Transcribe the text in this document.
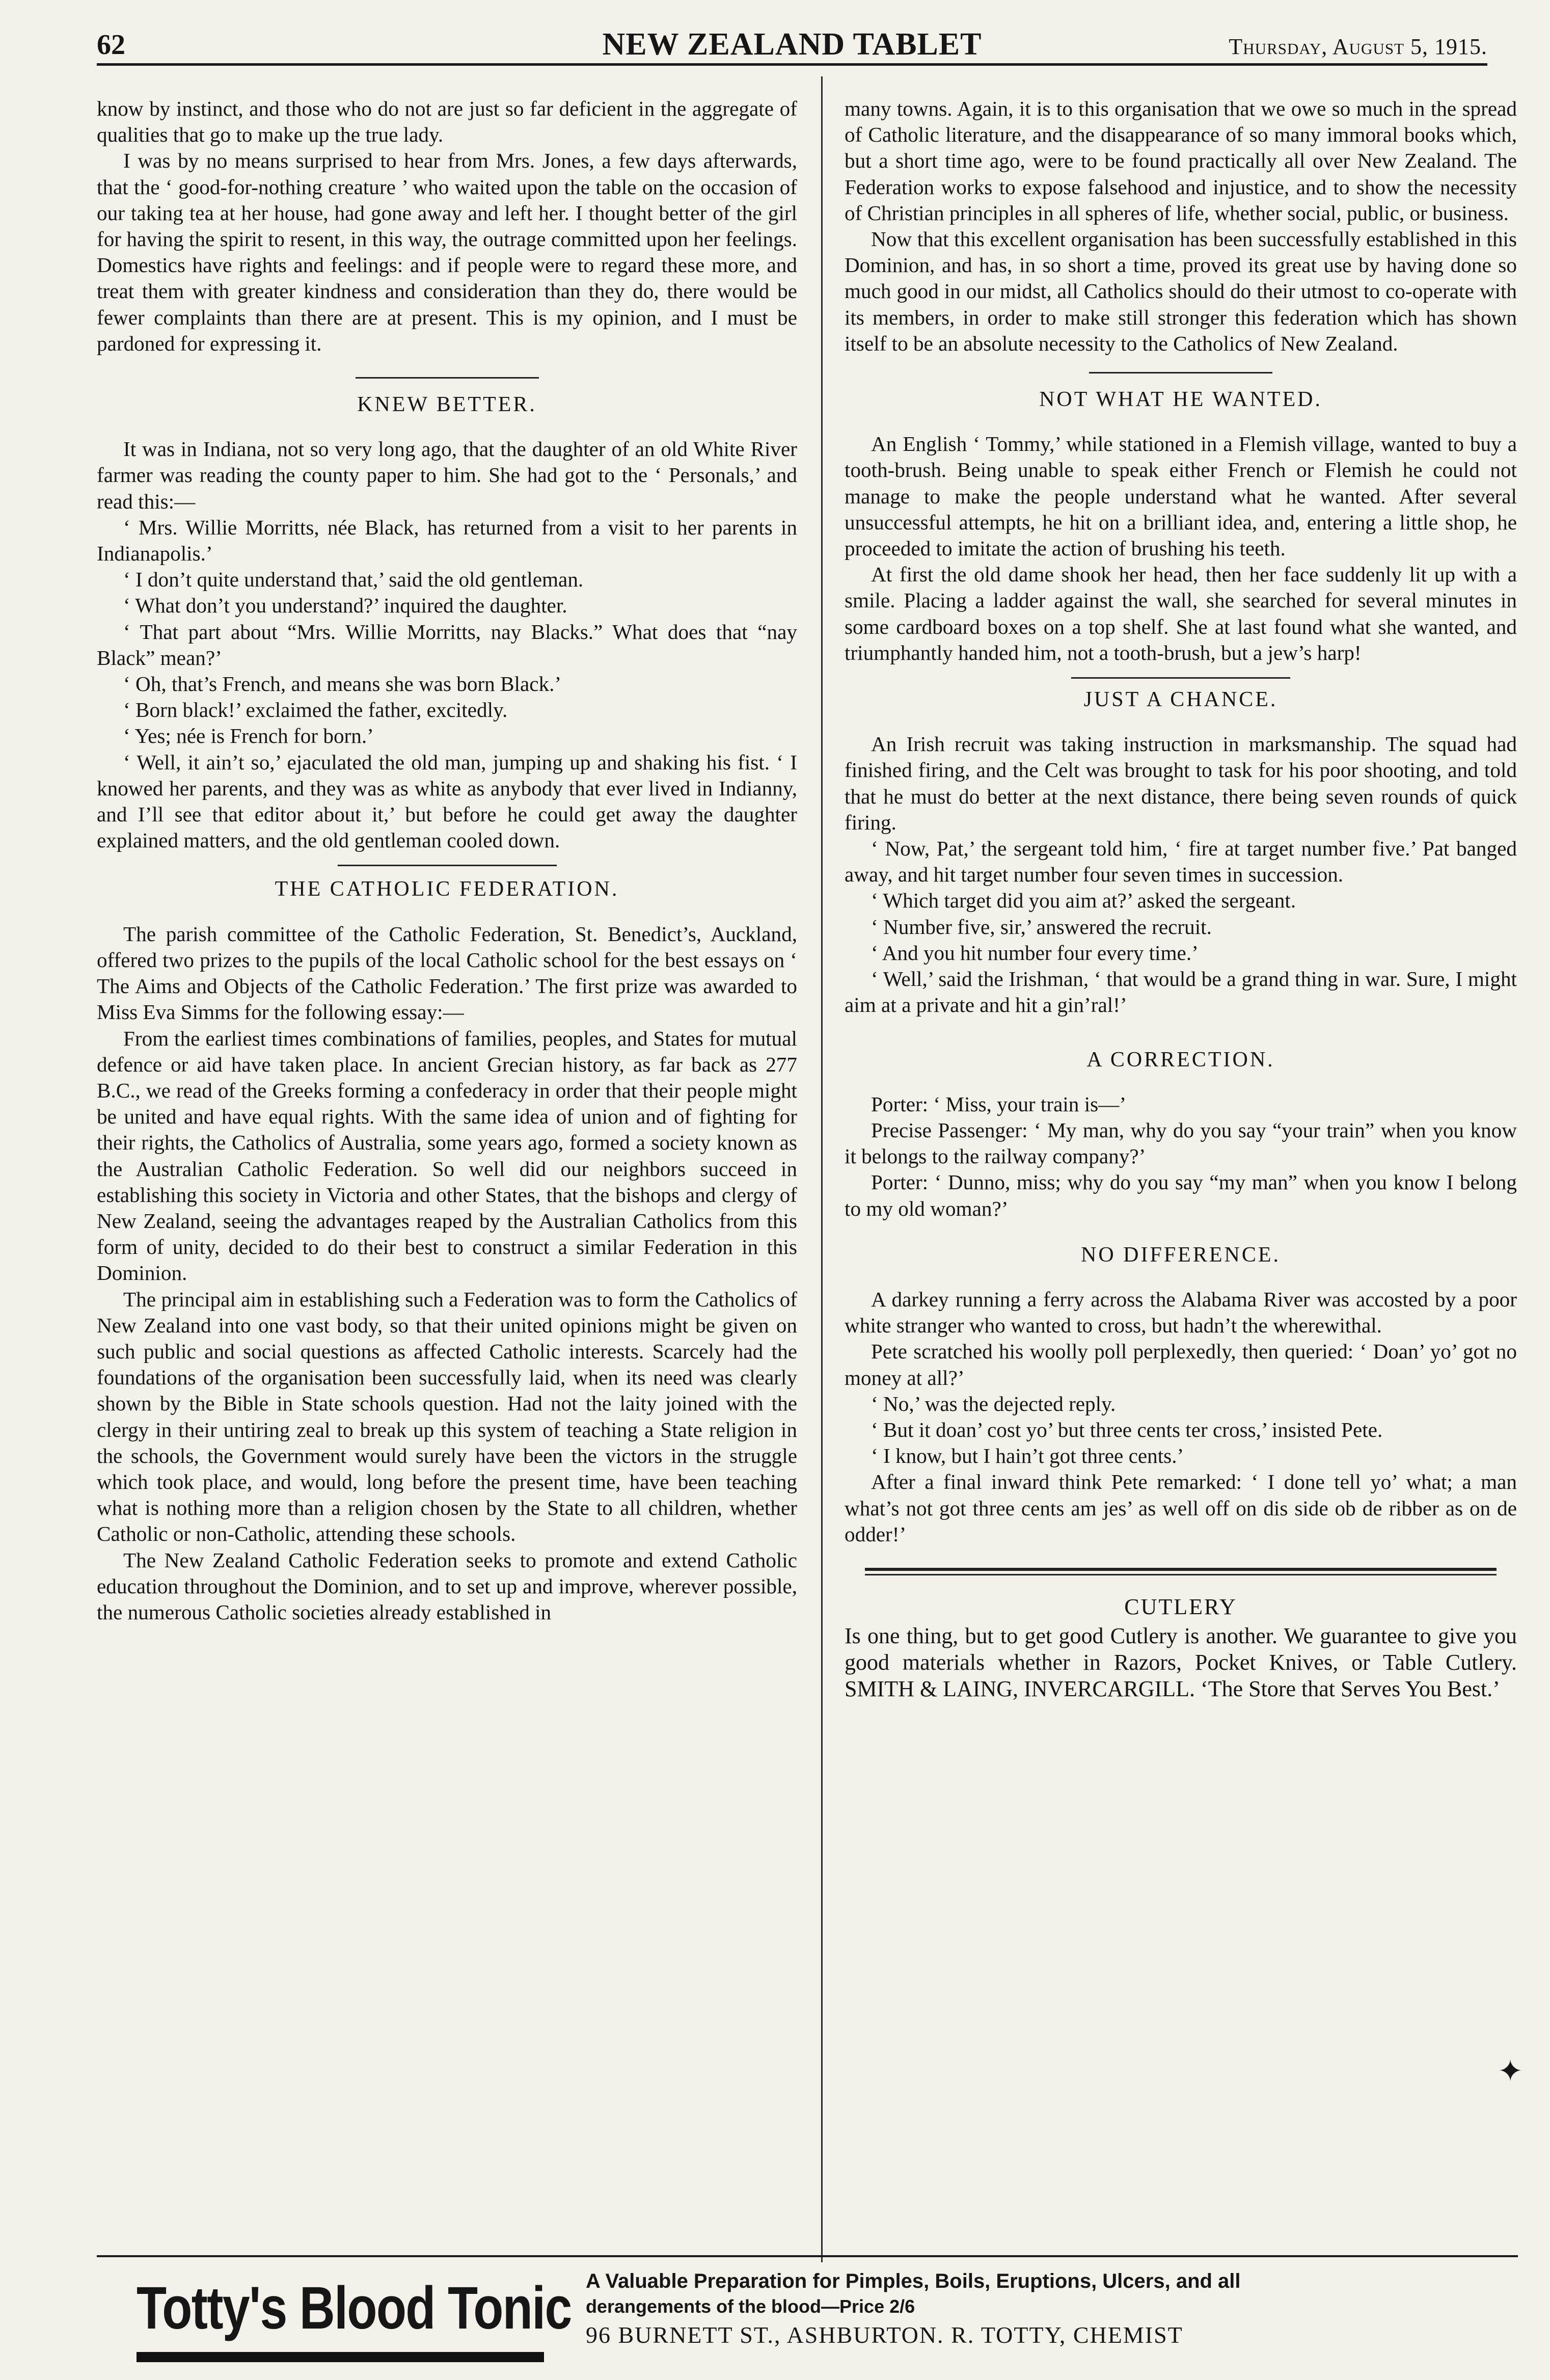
62	NEW ZEALAND TABLET	Thursday, August 5, 1915.

know by instinct, and those who do not are just so far deficient in the aggregate of qualities that go to make up the true lady.

I was by no means surprised to hear from Mrs. Jones, a few days afterwards, that the ‘ good-for-nothing creature ’ who waited upon the table on the occasion of our taking tea at her house, had gone away and left her. I thought better of the girl for having the spirit to resent, in this way, the outrage committed upon her feelings. Domestics have rights and feelings: and if people were to regard these more, and treat them with greater kindness and consideration than they do, there would be fewer complaints than there are at present. This is my opinion, and I must be pardoned for expressing it.

KNEW BETTER.

It was in Indiana, not so very long ago, that the daughter of an old White River farmer was reading the county paper to him. She had got to the ‘ Personals,’ and read this:—

‘ Mrs. Willie Morritts, née Black, has returned from a visit to her parents in Indianapolis.’

‘ I don’t quite understand that,’ said the old gentleman.

‘ What don’t you understand?’ inquired the daughter.

‘ That part about “Mrs. Willie Morritts, nay Blacks.” What does that “nay Black” mean?’

‘ Oh, that’s French, and means she was born Black.’

‘ Born black!’ exclaimed the father, excitedly.

‘ Yes; née is French for born.’

‘ Well, it ain’t so,’ ejaculated the old man, jumping up and shaking his fist. ‘ I knowed her parents, and they was as white as anybody that ever lived in Indianny, and I’ll see that editor about it,’ but before he could get away the daughter explained matters, and the old gentleman cooled down.

THE CATHOLIC FEDERATION.

The parish committee of the Catholic Federation, St. Benedict’s, Auckland, offered two prizes to the pupils of the local Catholic school for the best essays on ‘ The Aims and Objects of the Catholic Federation.’ The first prize was awarded to Miss Eva Simms for the following essay:—

From the earliest times combinations of families, peoples, and States for mutual defence or aid have taken place. In ancient Grecian history, as far back as 277 B.C., we read of the Greeks forming a confederacy in order that their people might be united and have equal rights. With the same idea of union and of fighting for their rights, the Catholics of Australia, some years ago, formed a society known as the Australian Catholic Federation. So well did our neighbors succeed in establishing this society in Victoria and other States, that the bishops and clergy of New Zealand, seeing the advantages reaped by the Australian Catholics from this form of unity, decided to do their best to construct a similar Federation in this Dominion.

The principal aim in establishing such a Federation was to form the Catholics of New Zealand into one vast body, so that their united opinions might be given on such public and social questions as affected Catholic interests. Scarcely had the foundations of the organisation been successfully laid, when its need was clearly shown by the Bible in State schools question. Had not the laity joined with the clergy in their untiring zeal to break up this system of teaching a State religion in the schools, the Government would surely have been the victors in the struggle which took place, and would, long before the present time, have been teaching what is nothing more than a religion chosen by the State to all children, whether Catholic or non-Catholic, attending these schools.

The New Zealand Catholic Federation seeks to promote and extend Catholic education throughout the Dominion, and to set up and improve, wherever possible, the numerous Catholic societies already established in

many towns. Again, it is to this organisation that we owe so much in the spread of Catholic literature, and the disappearance of so many immoral books which, but a short time ago, were to be found practically all over New Zealand. The Federation works to expose falsehood and injustice, and to show the necessity of Christian principles in all spheres of life, whether social, public, or business.

Now that this excellent organisation has been successfully established in this Dominion, and has, in so short a time, proved its great use by having done so much good in our midst, all Catholics should do their utmost to co-operate with its members, in order to make still stronger this federation which has shown itself to be an absolute necessity to the Catholics of New Zealand.

NOT WHAT HE WANTED.

An English ‘ Tommy,’ while stationed in a Flemish village, wanted to buy a tooth-brush. Being unable to speak either French or Flemish he could not manage to make the people understand what he wanted. After several unsuccessful attempts, he hit on a brilliant idea, and, entering a little shop, he proceeded to imitate the action of brushing his teeth.

At first the old dame shook her head, then her face suddenly lit up with a smile. Placing a ladder against the wall, she searched for several minutes in some cardboard boxes on a top shelf. She at last found what she wanted, and triumphantly handed him, not a tooth-brush, but a jew’s harp!

JUST A CHANCE.

An Irish recruit was taking instruction in marksmanship. The squad had finished firing, and the Celt was brought to task for his poor shooting, and told that he must do better at the next distance, there being seven rounds of quick firing.

‘ Now, Pat,’ the sergeant told him, ‘ fire at target number five.’ Pat banged away, and hit target number four seven times in succession.

‘ Which target did you aim at?’ asked the sergeant.

‘ Number five, sir,’ answered the recruit.

‘ And you hit number four every time.’

‘ Well,’ said the Irishman, ‘ that would be a grand thing in war. Sure, I might aim at a private and hit a gin’ral!’

A CORRECTION.

Porter: ‘ Miss, your train is—’

Precise Passenger: ‘ My man, why do you say “your train” when you know it belongs to the railway company?’

Porter: ‘ Dunno, miss; why do you say “my man” when you know I belong to my old woman?’

NO DIFFERENCE.

A darkey running a ferry across the Alabama River was accosted by a poor white stranger who wanted to cross, but hadn’t the wherewithal.

Pete scratched his woolly poll perplexedly, then queried: ‘ Doan’ yo’ got no money at all?’

‘ No,’ was the dejected reply.

‘ But it doan’ cost yo’ but three cents ter cross,’ insisted Pete.

‘ I know, but I hain’t got three cents.’

After a final inward think Pete remarked: ‘ I done tell yo’ what; a man what’s not got three cents am jes’ as well off on dis side ob de ribber as on de odder!’

CUTLERY
Is one thing, but to get good Cutlery is another. We guarantee to give you good materials whether in Razors, Pocket Knives, or Table Cutlery. SMITH & LAING, INVERCARGILL. ‘The Store that Serves You Best.’
✦
Totty's Blood Tonic A Valuable Preparation for Pimples, Boils, Eruptions, Ulcers, and all
derangements of the blood—Price 2/6
96 BURNETT ST., ASHBURTON. R. TOTTY, CHEMIST
